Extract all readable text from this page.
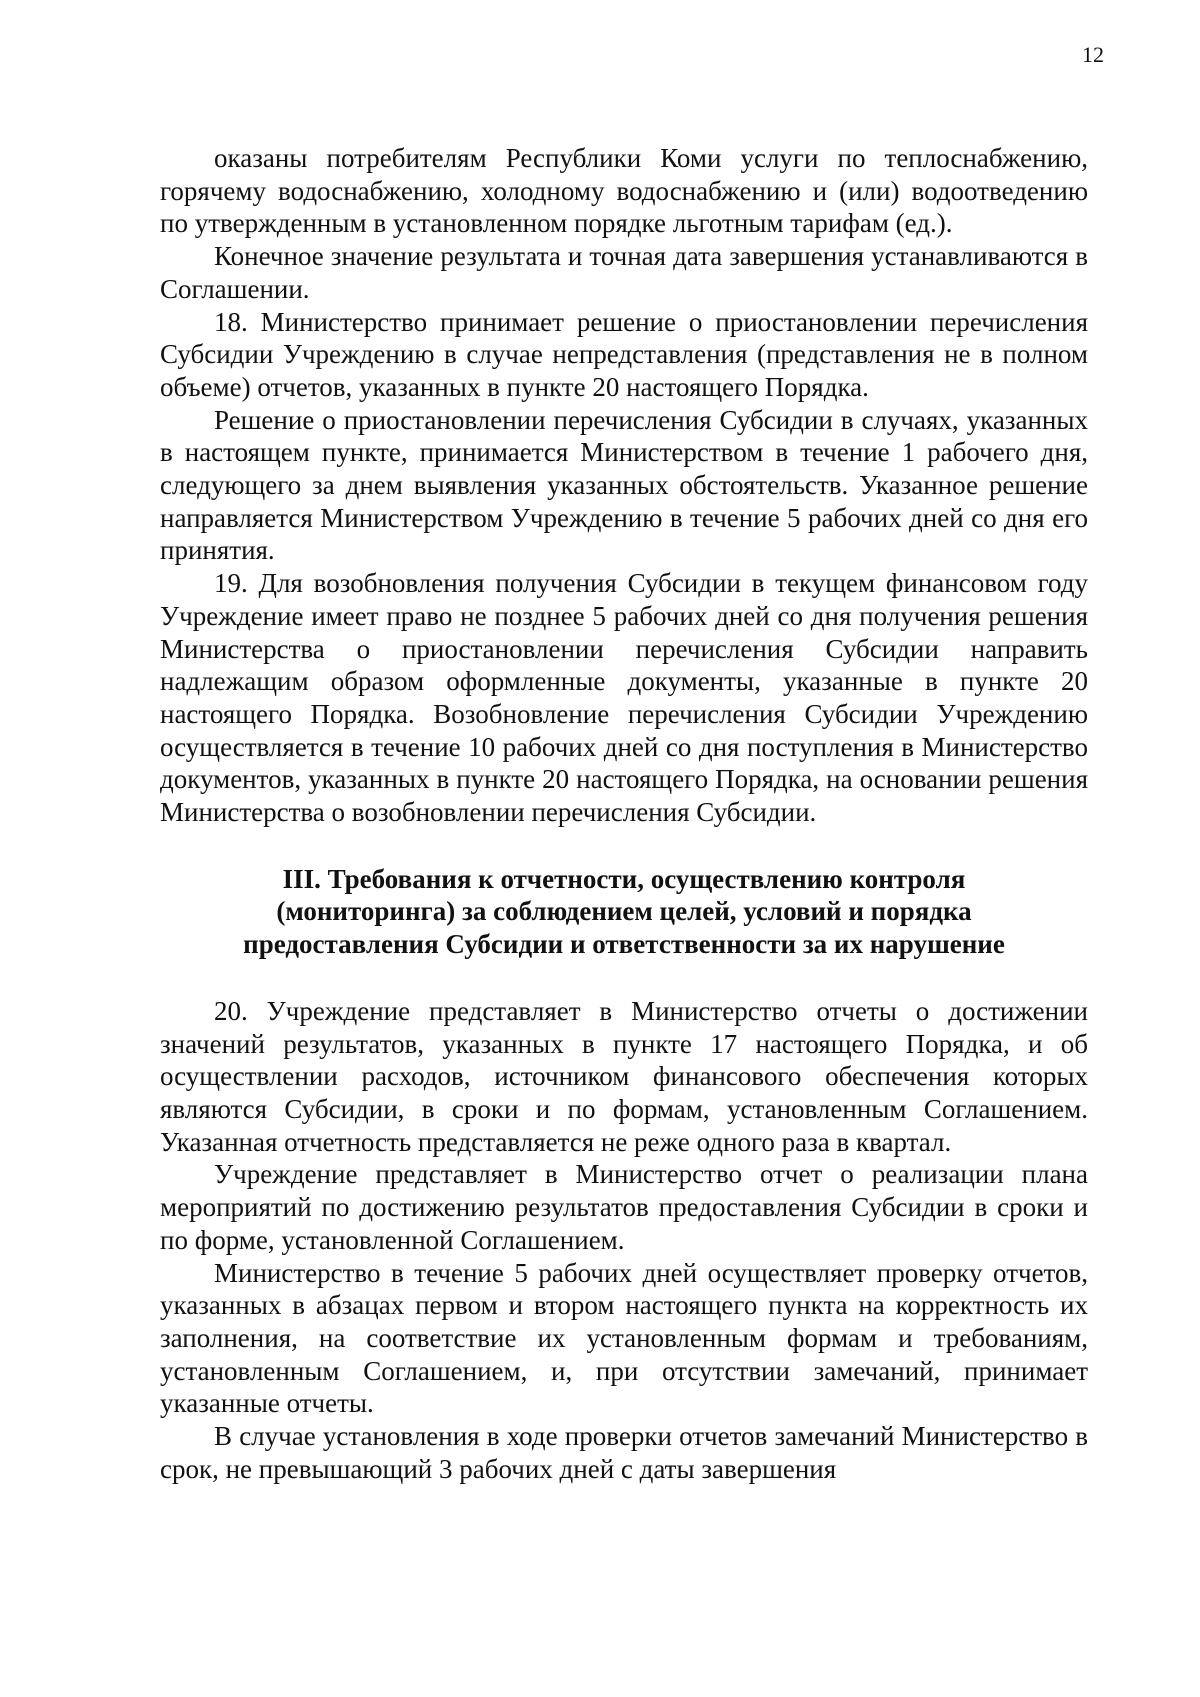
12

оказаны потребителям Республики Коми услуги по теплоснабжению, горячему водоснабжению, холодному водоснабжению и (или) водоотведению по утвержденным в установленном порядке льготным тарифам (ед.).

Конечное значение результата и точная дата завершения устанавливаются в Соглашении.

18. Министерство принимает решение о приостановлении перечисления Субсидии Учреждению в случае непредставления (представления не в полном объеме) отчетов, указанных в пункте 20 настоящего Порядка.

Решение о приостановлении перечисления Субсидии в случаях, указанных в настоящем пункте, принимается Министерством в течение 1 рабочего дня, следующего за днем выявления указанных обстоятельств. Указанное решение направляется Министерством Учреждению в течение 5 рабочих дней со дня его принятия.

19. Для возобновления получения Субсидии в текущем финансовом году Учреждение имеет право не позднее 5 рабочих дней со дня получения решения Министерства о приостановлении перечисления Субсидии направить надлежащим образом оформленные документы, указанные в пункте 20 настоящего Порядка. Возобновление перечисления Субсидии Учреждению осуществляется в течение 10 рабочих дней со дня поступления в Министерство документов, указанных в пункте 20 настоящего Порядка, на основании решения Министерства о возобновлении перечисления Субсидии.

III. Требования к отчетности, осуществлению контроля
(мониторинга) за соблюдением целей, условий и порядка
предоставления Субсидии и ответственности за их нарушение

20. Учреждение представляет в Министерство отчеты о достижении значений результатов, указанных в пункте 17 настоящего Порядка, и об осуществлении расходов, источником финансового обеспечения которых являются Субсидии, в сроки и по формам, установленным Соглашением. Указанная отчетность представляется не реже одного раза в квартал.

Учреждение представляет в Министерство отчет о реализации плана мероприятий по достижению результатов предоставления Субсидии в сроки и по форме, установленной Соглашением.

Министерство в течение 5 рабочих дней осуществляет проверку отчетов, указанных в абзацах первом и втором настоящего пункта на корректность их заполнения, на соответствие их установленным формам и требованиям, установленным Соглашением, и, при отсутствии замечаний, принимает указанные отчеты.

В случае установления в ходе проверки отчетов замечаний Министерство в срок, не превышающий 3 рабочих дней с даты завершения
